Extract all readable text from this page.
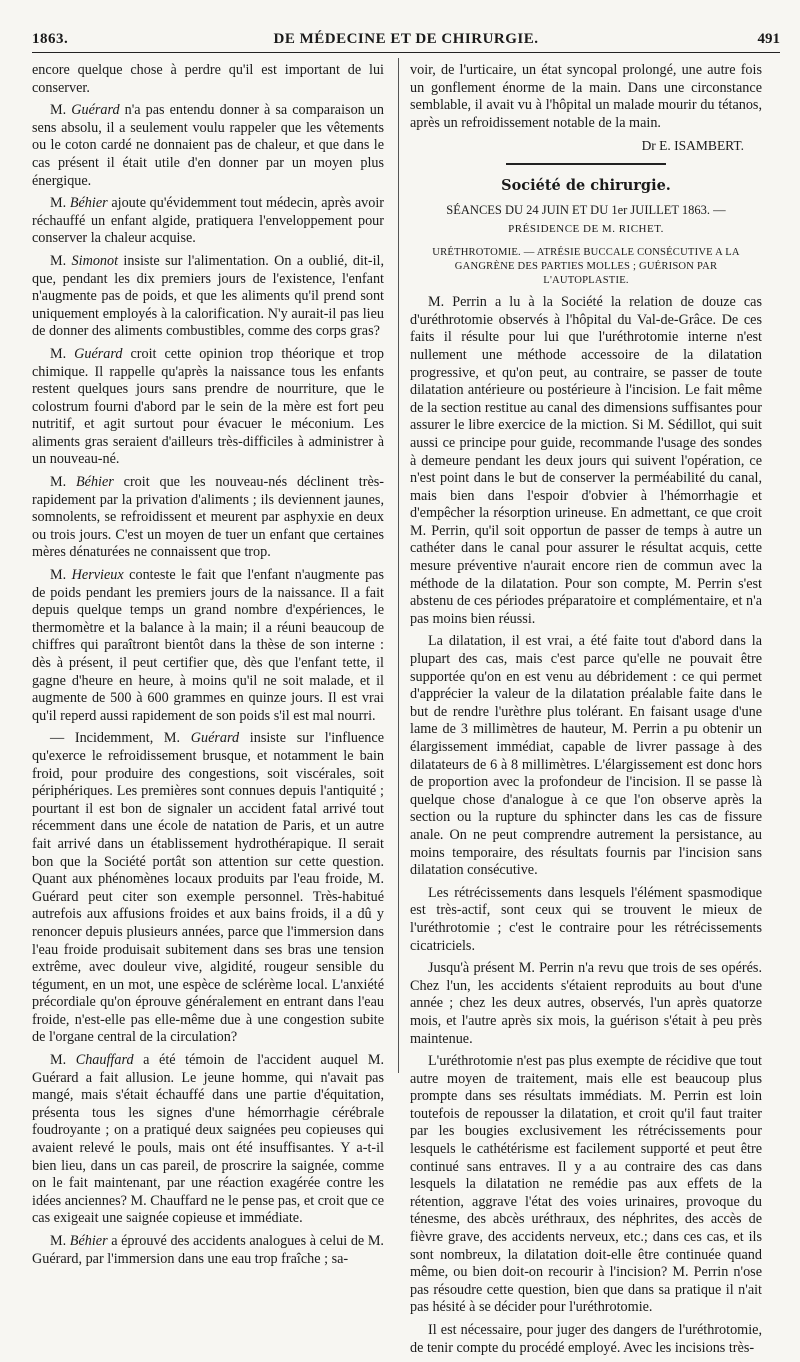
1863.	DE MÉDECINE ET DE CHIRURGIE.	491

encore quelque chose à perdre qu'il est important de lui conserver.

M. Guérard n'a pas entendu donner à sa comparaison un sens absolu, il a seulement voulu rappeler que les vêtements ou le coton cardé ne donnaient pas de chaleur, et que dans le cas présent il était utile d'en donner par un moyen plus énergique.

M. Béhier ajoute qu'évidemment tout médecin, après avoir réchauffé un enfant algide, pratiquera l'enveloppement pour conserver la chaleur acquise.

M. Simonot insiste sur l'alimentation. On a oublié, dit-il, que, pendant les dix premiers jours de l'existence, l'enfant n'augmente pas de poids, et que les aliments qu'il prend sont uniquement employés à la calorification. N'y aurait-il pas lieu de donner des aliments combustibles, comme des corps gras?

M. Guérard croit cette opinion trop théorique et trop chimique. Il rappelle qu'après la naissance tous les enfants restent quelques jours sans prendre de nourriture, que le colostrum fourni d'abord par le sein de la mère est fort peu nutritif, et agit surtout pour évacuer le méconium. Les aliments gras seraient d'ailleurs très-difficiles à administrer à un nouveau-né.

M. Béhier croit que les nouveau-nés déclinent très-rapidement par la privation d'aliments ; ils deviennent jaunes, somnolents, se refroidissent et meurent par asphyxie en deux ou trois jours. C'est un moyen de tuer un enfant que certaines mères dénaturées ne connaissent que trop.

M. Hervieux conteste le fait que l'enfant n'augmente pas de poids pendant les premiers jours de la naissance. Il a fait depuis quelque temps un grand nombre d'expériences, le thermomètre et la balance à la main; il a réuni beaucoup de chiffres qui paraîtront bientôt dans la thèse de son interne : dès à présent, il peut certifier que, dès que l'enfant tette, il gagne d'heure en heure, à moins qu'il ne soit malade, et il augmente de 500 à 600 grammes en quinze jours. Il est vrai qu'il reperd aussi rapidement de son poids s'il est mal nourri.

— Incidemment, M. Guérard insiste sur l'influence qu'exerce le refroidissement brusque, et notamment le bain froid, pour produire des congestions, soit viscérales, soit périphériques. Les premières sont connues depuis l'antiquité ; pourtant il est bon de signaler un accident fatal arrivé tout récemment dans une école de natation de Paris, et un autre fait arrivé dans un établissement hydrothérapique. Il serait bon que la Société portât son attention sur cette question. Quant aux phénomènes locaux produits par l'eau froide, M. Guérard peut citer son exemple personnel. Très-habitué autrefois aux affusions froides et aux bains froids, il a dû y renoncer depuis plusieurs années, parce que l'immersion dans l'eau froide produisait subitement dans ses bras une tension extrême, avec douleur vive, algidité, rougeur sensible du tégument, en un mot, une espèce de sclérème local. L'anxiété précordiale qu'on éprouve généralement en entrant dans l'eau froide, n'est-elle pas elle-même due à une congestion subite de l'organe central de la circulation?

M. Chauffard a été témoin de l'accident auquel M. Guérard a fait allusion. Le jeune homme, qui n'avait pas mangé, mais s'était échauffé dans une partie d'équitation, présenta tous les signes d'une hémorrhagie cérébrale foudroyante ; on a pratiqué deux saignées peu copieuses qui avaient relevé le pouls, mais ont été insuffisantes. Y a-t-il bien lieu, dans un cas pareil, de proscrire la saignée, comme on le fait maintenant, par une réaction exagérée contre les idées anciennes? M. Chauffard ne le pense pas, et croit que ce cas exigeait une saignée copieuse et immédiate.

M. Béhier a éprouvé des accidents analogues à celui de M. Guérard, par l'immersion dans une eau trop fraîche ; sa-

voir, de l'urticaire, un état syncopal prolongé, une autre fois un gonflement énorme de la main. Dans une circonstance semblable, il avait vu à l'hôpital un malade mourir du tétanos, après un refroidissement notable de la main.

Dr E. ISAMBERT.
Société de chirurgie.
SÉANCES DU 24 JUIN ET DU 1er JUILLET 1863. —
PRÉSIDENCE DE M. RICHET.
URÉTHROTOMIE. — ATRÉSIE BUCCALE CONSÉCUTIVE A LA GANGRÈNE DES PARTIES MOLLES ; GUÉRISON PAR L'AUTOPLASTIE.

M. Perrin a lu à la Société la relation de douze cas d'uréthrotomie observés à l'hôpital du Val-de-Grâce. De ces faits il résulte pour lui que l'uréthrotomie interne n'est nullement une méthode accessoire de la dilatation progressive, et qu'on peut, au contraire, se passer de toute dilatation antérieure ou postérieure à l'incision. Le fait même de la section restitue au canal des dimensions suffisantes pour assurer le libre exercice de la miction. Si M. Sédillot, qui suit aussi ce principe pour guide, recommande l'usage des sondes à demeure pendant les deux jours qui suivent l'opération, ce n'est point dans le but de conserver la perméabilité du canal, mais bien dans l'espoir d'obvier à l'hémorrhagie et d'empêcher la résorption urineuse. En admettant, ce que croit M. Perrin, qu'il soit opportun de passer de temps à autre un cathéter dans le canal pour assurer le résultat acquis, cette mesure préventive n'aurait encore rien de commun avec la méthode de la dilatation. Pour son compte, M. Perrin s'est abstenu de ces périodes préparatoire et complémentaire, et n'a pas moins bien réussi.

La dilatation, il est vrai, a été faite tout d'abord dans la plupart des cas, mais c'est parce qu'elle ne pouvait être supportée qu'on en est venu au débridement : ce qui permet d'apprécier la valeur de la dilatation préalable faite dans le but de rendre l'urèthre plus tolérant. En faisant usage d'une lame de 3 millimètres de hauteur, M. Perrin a pu obtenir un élargissement immédiat, capable de livrer passage à des dilatateurs de 6 à 8 millimètres. L'élargissement est donc hors de proportion avec la profondeur de l'incision. Il se passe là quelque chose d'analogue à ce que l'on observe après la section ou la rupture du sphincter dans les cas de fissure anale. On ne peut comprendre autrement la persistance, au moins temporaire, des résultats fournis par l'incision sans dilatation consécutive.

Les rétrécissements dans lesquels l'élément spasmodique est très-actif, sont ceux qui se trouvent le mieux de l'uréthrotomie ; c'est le contraire pour les rétrécissements cicatriciels.

Jusqu'à présent M. Perrin n'a revu que trois de ses opérés. Chez l'un, les accidents s'étaient reproduits au bout d'une année ; chez les deux autres, observés, l'un après quatorze mois, et l'autre après six mois, la guérison s'était à peu près maintenue.

L'uréthrotomie n'est pas plus exempte de récidive que tout autre moyen de traitement, mais elle est beaucoup plus prompte dans ses résultats immédiats. M. Perrin est loin toutefois de repousser la dilatation, et croit qu'il faut traiter par les bougies exclusivement les rétrécissements pour lesquels le cathétérisme est facilement supporté et peut être continué sans entraves. Il y a au contraire des cas dans lesquels la dilatation ne remédie pas aux effets de la rétention, aggrave l'état des voies urinaires, provoque du ténesme, des abcès uréthraux, des néphrites, des accès de fièvre grave, des accidents nerveux, etc.; dans ces cas, et ils sont nombreux, la dilatation doit-elle être continuée quand même, ou bien doit-on recourir à l'incision? M. Perrin n'ose pas résoudre cette question, bien que dans sa pratique il n'ait pas hésité à se décider pour l'uréthrotomie.

Il est nécessaire, pour juger des dangers de l'uréthrotomie, de tenir compte du procédé employé. Avec les incisions très-
